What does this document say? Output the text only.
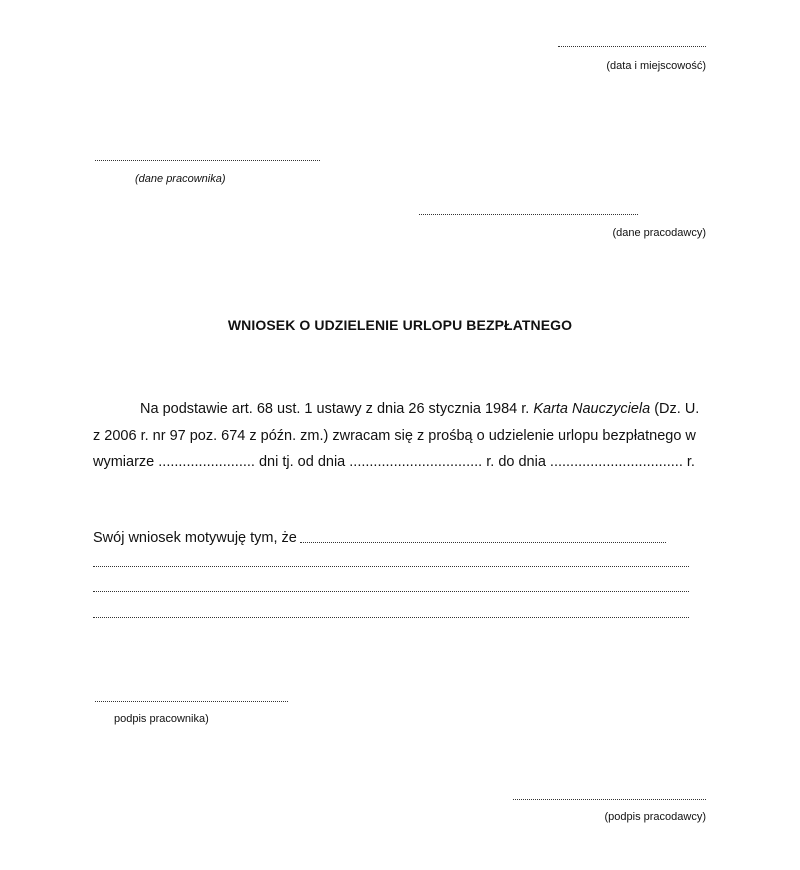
(data i miejscowość)
(dane pracownika)
(dane pracodawcy)
WNIOSEK O UDZIELENIE URLOPU BEZPŁATNEGO
Na podstawie art. 68 ust. 1 ustawy z dnia 26 stycznia 1984 r. Karta Nauczyciela (Dz. U.
z 2006 r. nr 97 poz. 674 z późn. zm.) zwracam się z prośbą o udzielenie urlopu bezpłatnego w
wymiarze ........................ dni tj. od dnia ................................. r. do dnia ................................. r.
Swój wniosek motywuję tym, że
podpis pracownika)
(podpis pracodawcy)
